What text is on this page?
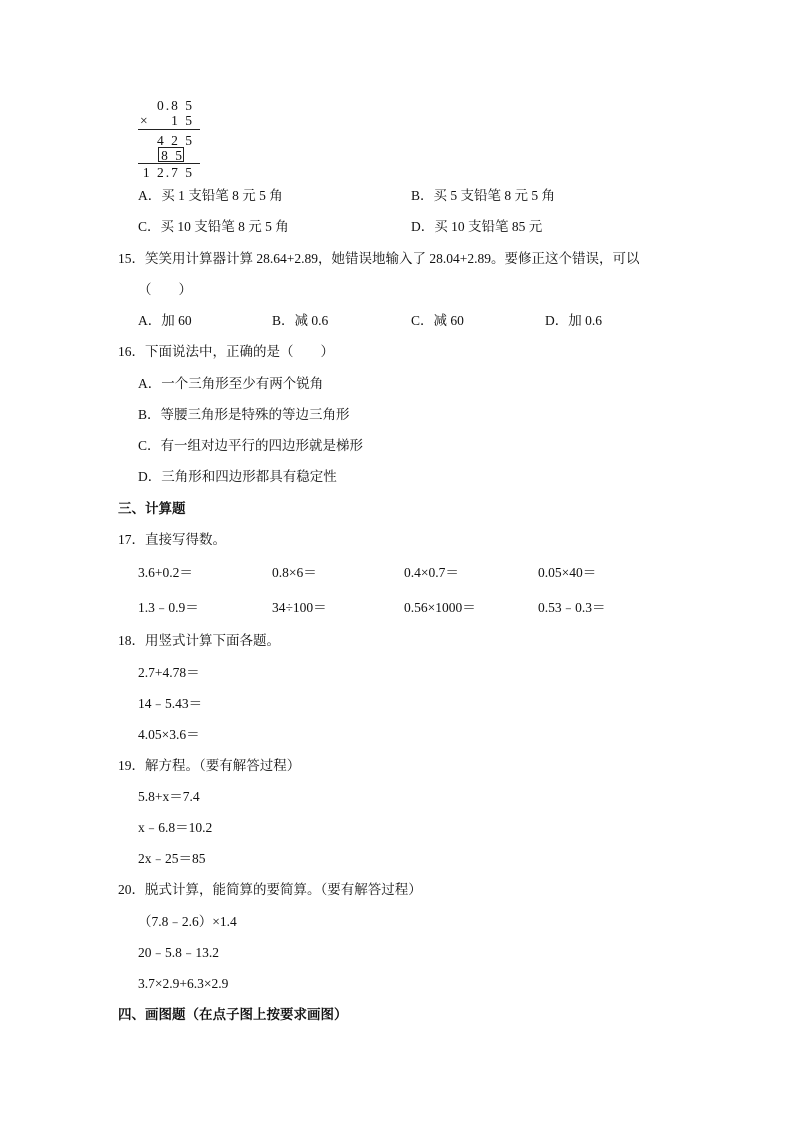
0.8 5
× 1 5
4 2 5
8 5
1 2.7 5
A．买 1 支铅笔 8 元 5 角	B．买 5 支铅笔 8 元 5 角
C．买 10 支铅笔 8 元 5 角	D．买 10 支铅笔 85 元
15．笑笑用计算器计算 28.64+2.89，她错误地输入了 28.04+2.89。要修正这个错误，可以
（　　）
A．加 60	B．减 0.6	C．减 60	D．加 0.6
16．下面说法中，正确的是（　　）
A．一个三角形至少有两个锐角
B．等腰三角形是特殊的等边三角形
C．有一组对边平行的四边形就是梯形
D．三角形和四边形都具有稳定性
三、计算题
17．直接写得数。
3.6+0.2＝	0.8×6＝	0.4×0.7＝	0.05×40＝
1.3﹣0.9＝	34÷100＝	0.56×1000＝	0.53﹣0.3＝
18．用竖式计算下面各题。
2.7+4.78＝
14﹣5.43＝
4.05×3.6＝
19．解方程。（要有解答过程）
5.8+x＝7.4
x﹣6.8＝10.2
2x﹣25＝85
20．脱式计算，能简算的要简算。（要有解答过程）
（7.8﹣2.6）×1.4
20﹣5.8﹣13.2
3.7×2.9+6.3×2.9
四、画图题（在点子图上按要求画图）
